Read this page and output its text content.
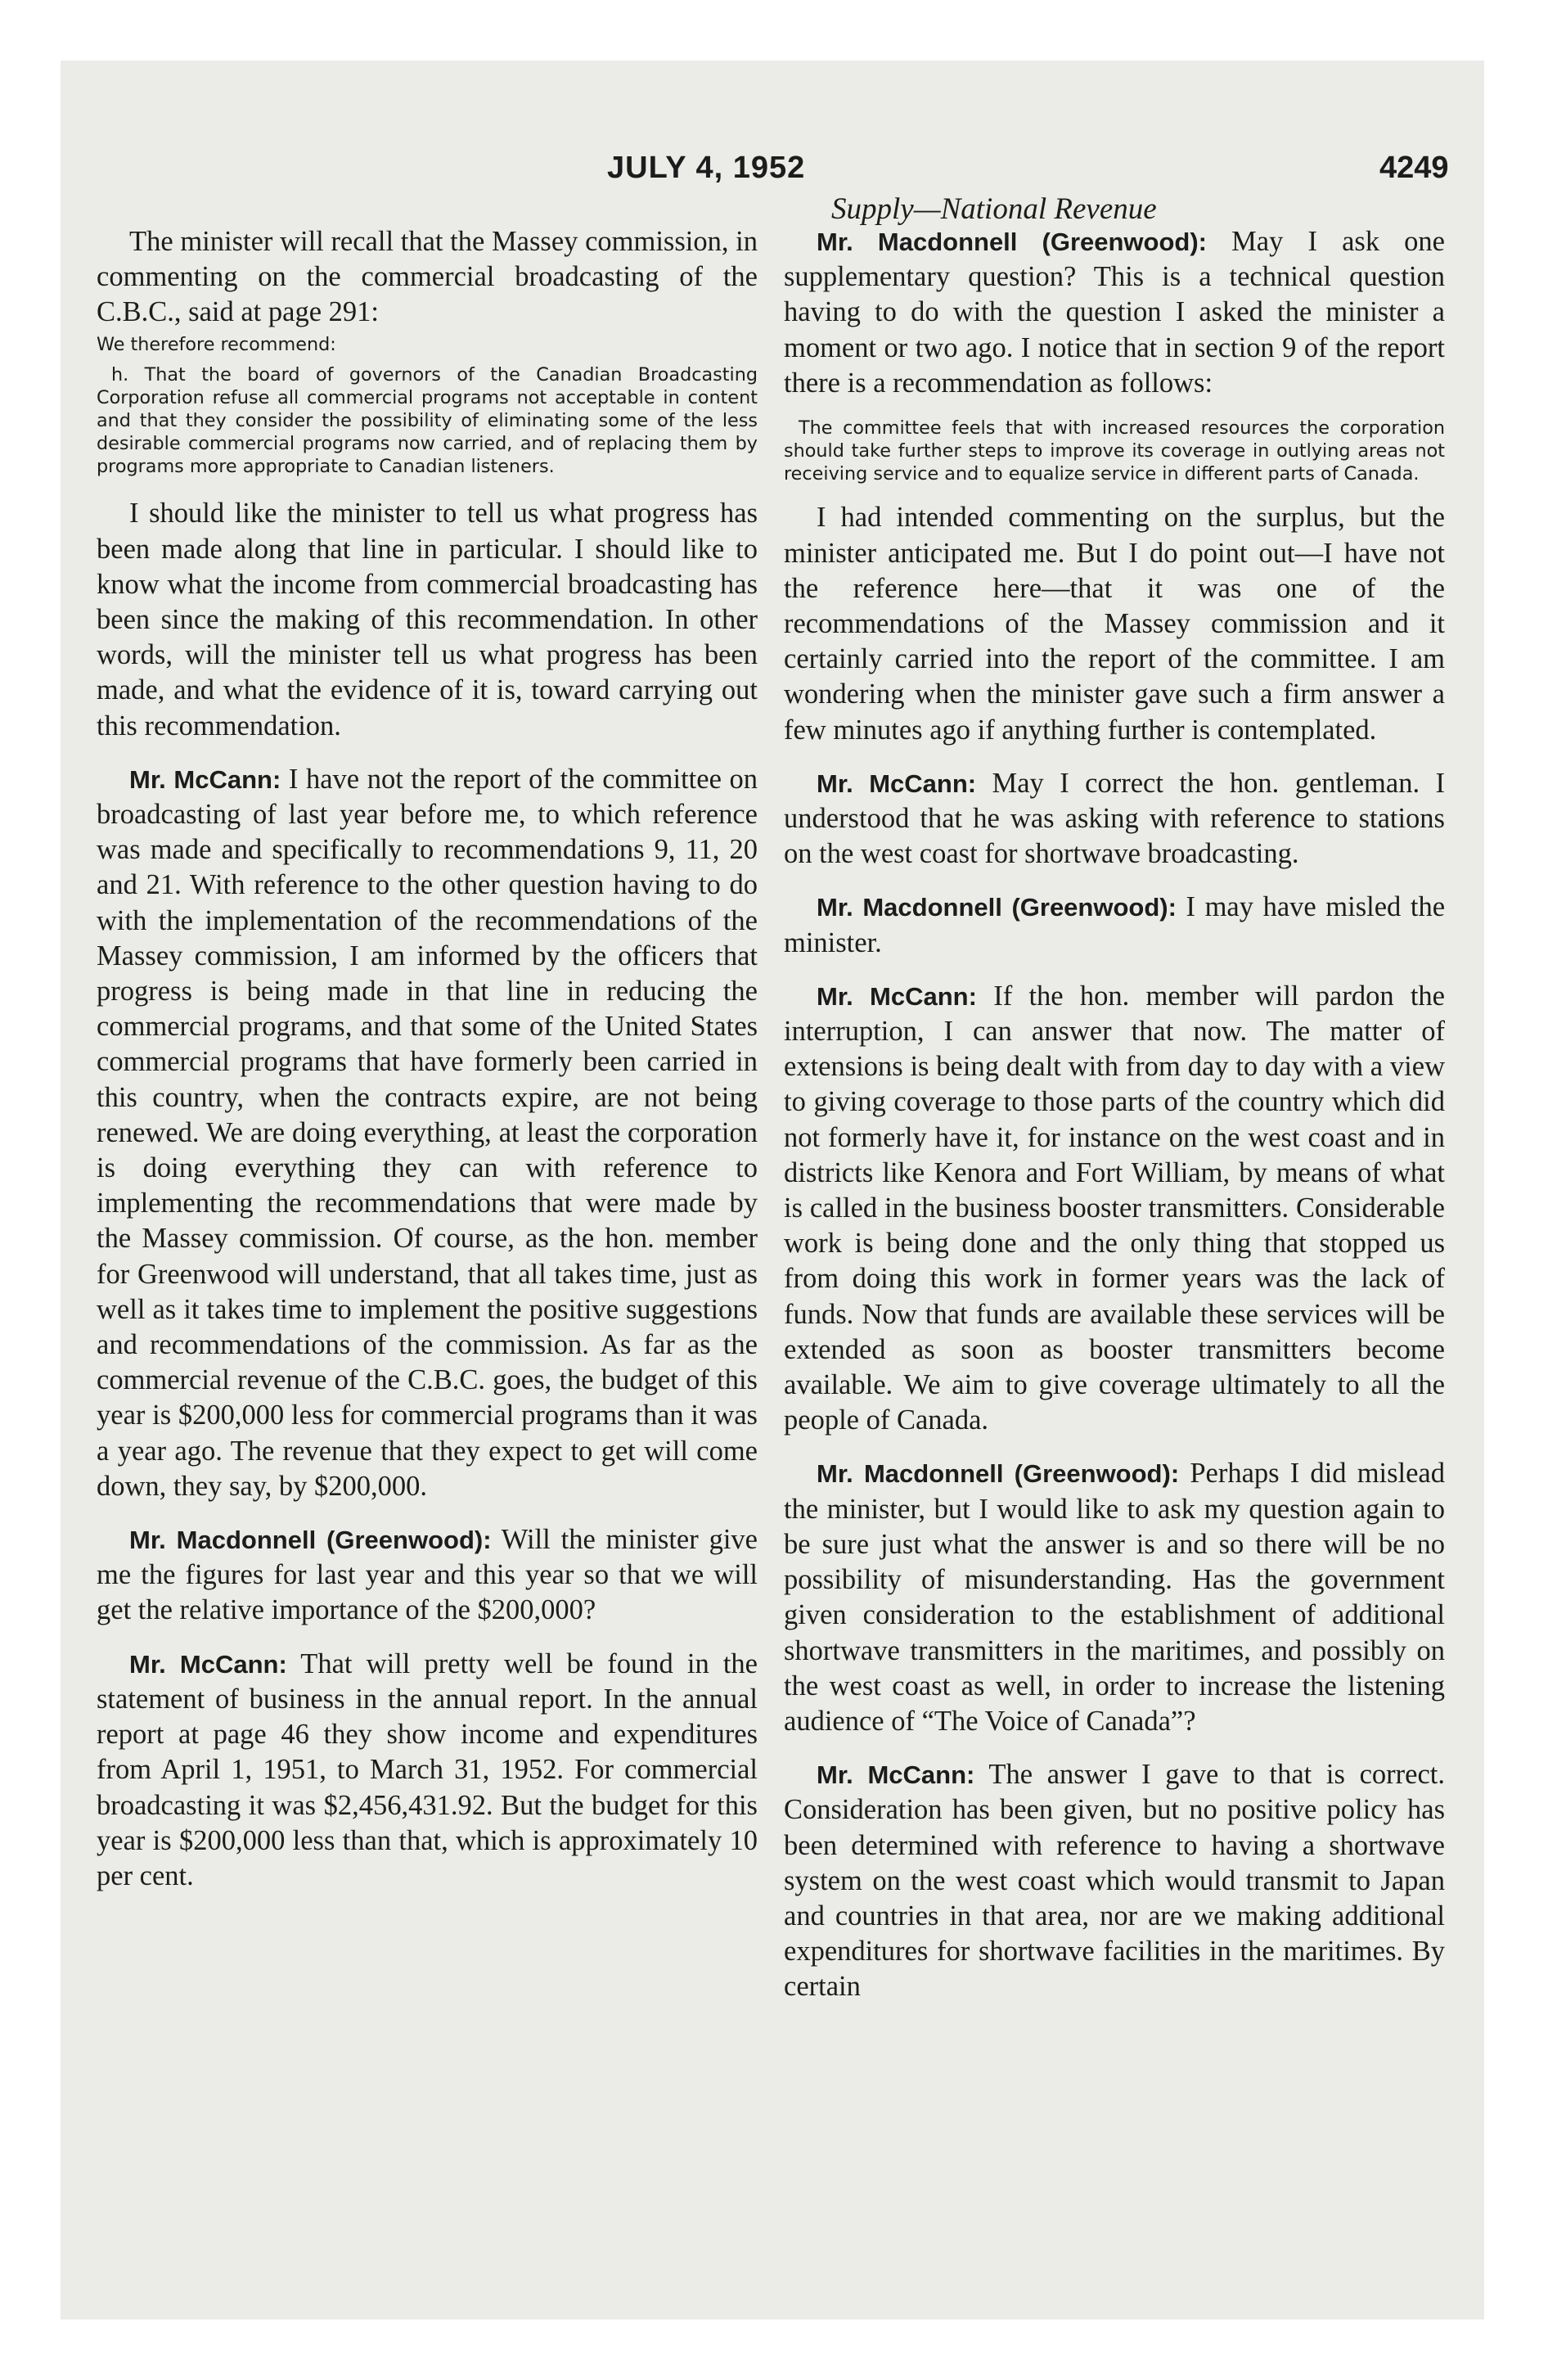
JULY 4, 1952	4249
Supply—National Revenue

The minister will recall that the Massey commission, in commenting on the commercial broadcasting of the C.B.C., said at page 291:

We therefore recommend:

h. That the board of governors of the Canadian Broadcasting Corporation refuse all commercial programs not acceptable in content and that they consider the possibility of eliminating some of the less desirable commercial programs now carried, and of replacing them by programs more appropriate to Canadian listeners.

I should like the minister to tell us what progress has been made along that line in particular. I should like to know what the income from commercial broadcasting has been since the making of this recommendation. In other words, will the minister tell us what progress has been made, and what the evidence of it is, toward carrying out this recommendation.

Mr. McCann: I have not the report of the committee on broadcasting of last year before me, to which reference was made and specifically to recommendations 9, 11, 20 and 21. With reference to the other question having to do with the implementation of the recommendations of the Massey commission, I am informed by the officers that progress is being made in that line in reducing the commercial programs, and that some of the United States commercial programs that have formerly been carried in this country, when the contracts expire, are not being renewed. We are doing everything, at least the corporation is doing everything they can with reference to implementing the recommendations that were made by the Massey commission. Of course, as the hon. member for Greenwood will understand, that all takes time, just as well as it takes time to implement the positive suggestions and recommendations of the commission. As far as the commercial revenue of the C.B.C. goes, the budget of this year is $200,000 less for commercial programs than it was a year ago. The revenue that they expect to get will come down, they say, by $200,000.

Mr. Macdonnell (Greenwood): Will the minister give me the figures for last year and this year so that we will get the relative importance of the $200,000?

Mr. McCann: That will pretty well be found in the statement of business in the annual report. In the annual report at page 46 they show income and expenditures from April 1, 1951, to March 31, 1952. For commercial broadcasting it was $2,456,431.92. But the budget for this year is $200,000 less than that, which is approximately 10 per cent.

Mr. Macdonnell (Greenwood): May I ask one supplementary question? This is a technical question having to do with the question I asked the minister a moment or two ago. I notice that in section 9 of the report there is a recommendation as follows:

The committee feels that with increased resources the corporation should take further steps to improve its coverage in outlying areas not receiving service and to equalize service in different parts of Canada.

I had intended commenting on the surplus, but the minister anticipated me. But I do point out—I have not the reference here—that it was one of the recommendations of the Massey commission and it certainly carried into the report of the committee. I am wondering when the minister gave such a firm answer a few minutes ago if anything further is contemplated.

Mr. McCann: May I correct the hon. gentleman. I understood that he was asking with reference to stations on the west coast for shortwave broadcasting.

Mr. Macdonnell (Greenwood): I may have misled the minister.

Mr. McCann: If the hon. member will pardon the interruption, I can answer that now. The matter of extensions is being dealt with from day to day with a view to giving coverage to those parts of the country which did not formerly have it, for instance on the west coast and in districts like Kenora and Fort William, by means of what is called in the business booster transmitters. Considerable work is being done and the only thing that stopped us from doing this work in former years was the lack of funds. Now that funds are available these services will be extended as soon as booster transmitters become available. We aim to give coverage ultimately to all the people of Canada.

Mr. Macdonnell (Greenwood): Perhaps I did mislead the minister, but I would like to ask my question again to be sure just what the answer is and so there will be no possibility of misunderstanding. Has the government given consideration to the establishment of additional shortwave transmitters in the maritimes, and possibly on the west coast as well, in order to increase the listening audience of “The Voice of Canada”?

Mr. McCann: The answer I gave to that is correct. Consideration has been given, but no positive policy has been determined with reference to having a shortwave system on the west coast which would transmit to Japan and countries in that area, nor are we making additional expenditures for shortwave facilities in the maritimes. By certain
